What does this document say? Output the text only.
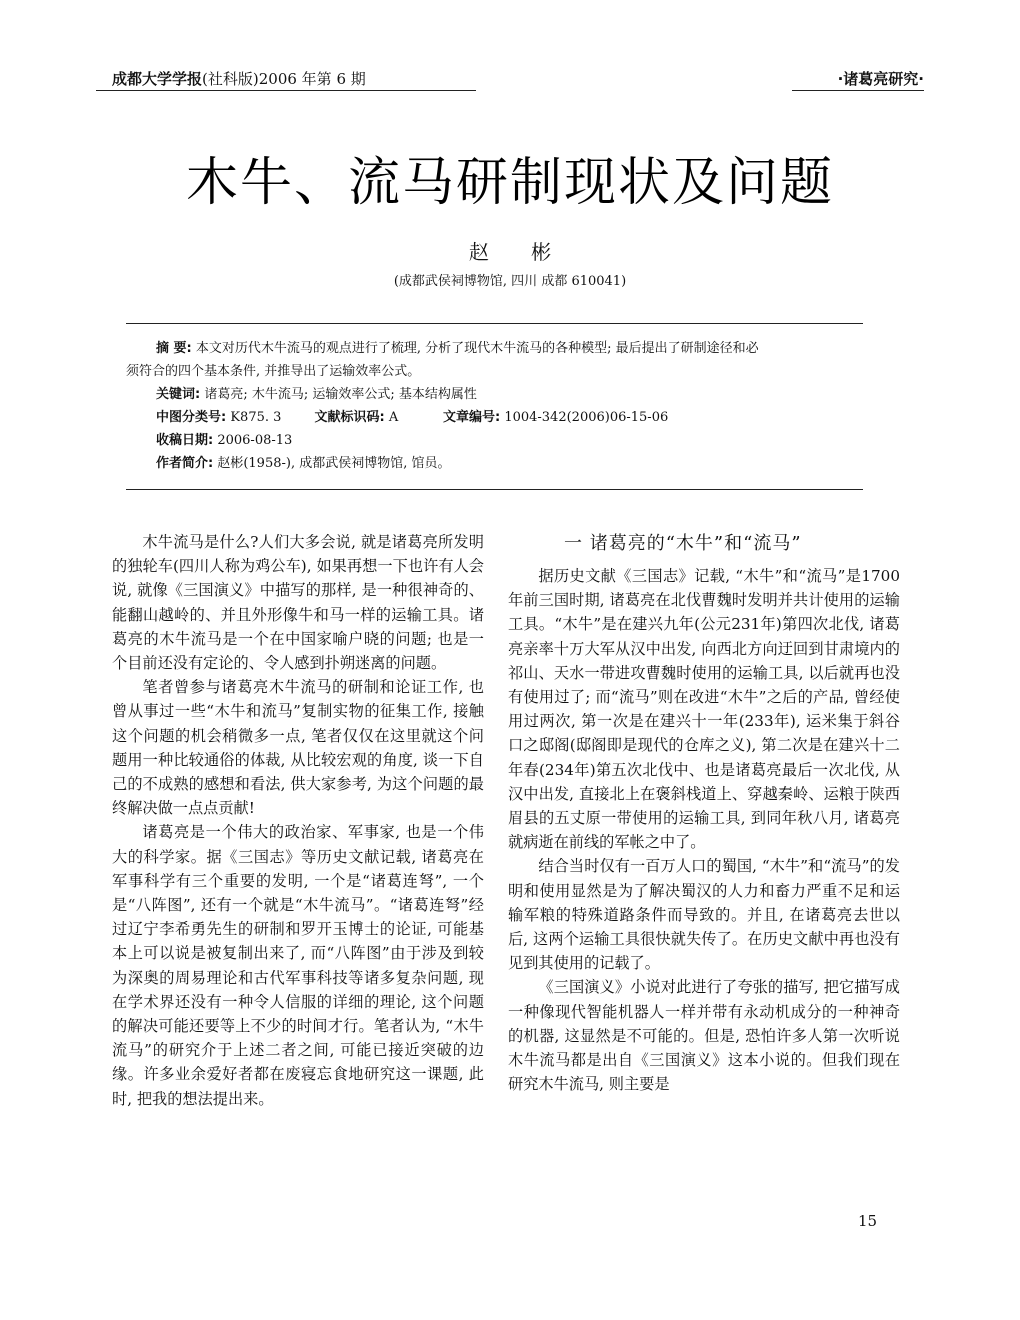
成都大学学报(社科版)2006 年第 6 期	·诸葛亮研究·
木牛、流马研制现状及问题
赵 彬
(成都武侯祠博物馆, 四川 成都 610041)
摘 要: 本文对历代木牛流马的观点进行了梳理, 分析了现代木牛流马的各种模型; 最后提出了研制途径和必
须符合的四个基本条件, 并推导出了运输效率公式。
关键词: 诸葛亮; 木牛流马; 运输效率公式; 基本结构属性
中图分类号: K875. 3	文献标识码: A	文章编号: 1004-342(2006)06-15-06
收稿日期: 2006-08-13
作者简介: 赵彬(1958-), 成都武侯祠博物馆, 馆员。

木牛流马是什么?人们大多会说, 就是诸葛亮所发明的独轮车(四川人称为鸡公车), 如果再想一下也许有人会说, 就像《三国演义》中描写的那样, 是一种很神奇的、能翻山越岭的、并且外形像牛和马一样的运输工具。诸葛亮的木牛流马是一个在中国家喻户晓的问题; 也是一个目前还没有定论的、令人感到扑朔迷离的问题。

笔者曾参与诸葛亮木牛流马的研制和论证工作, 也曾从事过一些“木牛和流马”复制实物的征集工作, 接触这个问题的机会稍微多一点, 笔者仅仅在这里就这个问题用一种比较通俗的体裁, 从比较宏观的角度, 谈一下自己的不成熟的感想和看法, 供大家参考, 为这个问题的最终解决做一点点贡献!

诸葛亮是一个伟大的政治家、军事家, 也是一个伟大的科学家。据《三国志》等历史文献记载, 诸葛亮在军事科学有三个重要的发明, 一个是“诸葛连弩”, 一个是“八阵图”, 还有一个就是“木牛流马”。“诸葛连弩”经过辽宁李希勇先生的研制和罗开玉博士的论证, 可能基本上可以说是被复制出来了, 而“八阵图”由于涉及到较为深奥的周易理论和古代军事科技等诸多复杂问题, 现在学术界还没有一种令人信服的详细的理论, 这个问题的解决可能还要等上不少的时间才行。笔者认为, “木牛流马”的研究介于上述二者之间, 可能已接近突破的边缘。许多业余爱好者都在废寝忘食地研究这一课题, 此时, 把我的想法提出来。

一 诸葛亮的“木牛”和“流马”

据历史文献《三国志》记载, “木牛”和“流马”是1700年前三国时期, 诸葛亮在北伐曹魏时发明并共计使用的运输工具。“木牛”是在建兴九年(公元231年)第四次北伐, 诸葛亮亲率十万大军从汉中出发, 向西北方向迂回到甘肃境内的祁山、天水一带进攻曹魏时使用的运输工具, 以后就再也没有使用过了; 而“流马”则在改进“木牛”之后的产品, 曾经使用过两次, 第一次是在建兴十一年(233年), 运米集于斜谷口之邸阁(邸阁即是现代的仓库之义), 第二次是在建兴十二年春(234年)第五次北伐中、也是诸葛亮最后一次北伐, 从汉中出发, 直接北上在褒斜栈道上、穿越秦岭、运粮于陕西眉县的五丈原一带使用的运输工具, 到同年秋八月, 诸葛亮就病逝在前线的军帐之中了。

结合当时仅有一百万人口的蜀国, “木牛”和“流马”的发明和使用显然是为了解决蜀汉的人力和畜力严重不足和运输军粮的特殊道路条件而导致的。并且, 在诸葛亮去世以后, 这两个运输工具很快就失传了。在历史文献中再也没有见到其使用的记载了。

《三国演义》小说对此进行了夸张的描写, 把它描写成一种像现代智能机器人一样并带有永动机成分的一种神奇的机器, 这显然是不可能的。但是, 恐怕许多人第一次听说木牛流马都是出自《三国演义》这本小说的。但我们现在研究木牛流马, 则主要是

15
